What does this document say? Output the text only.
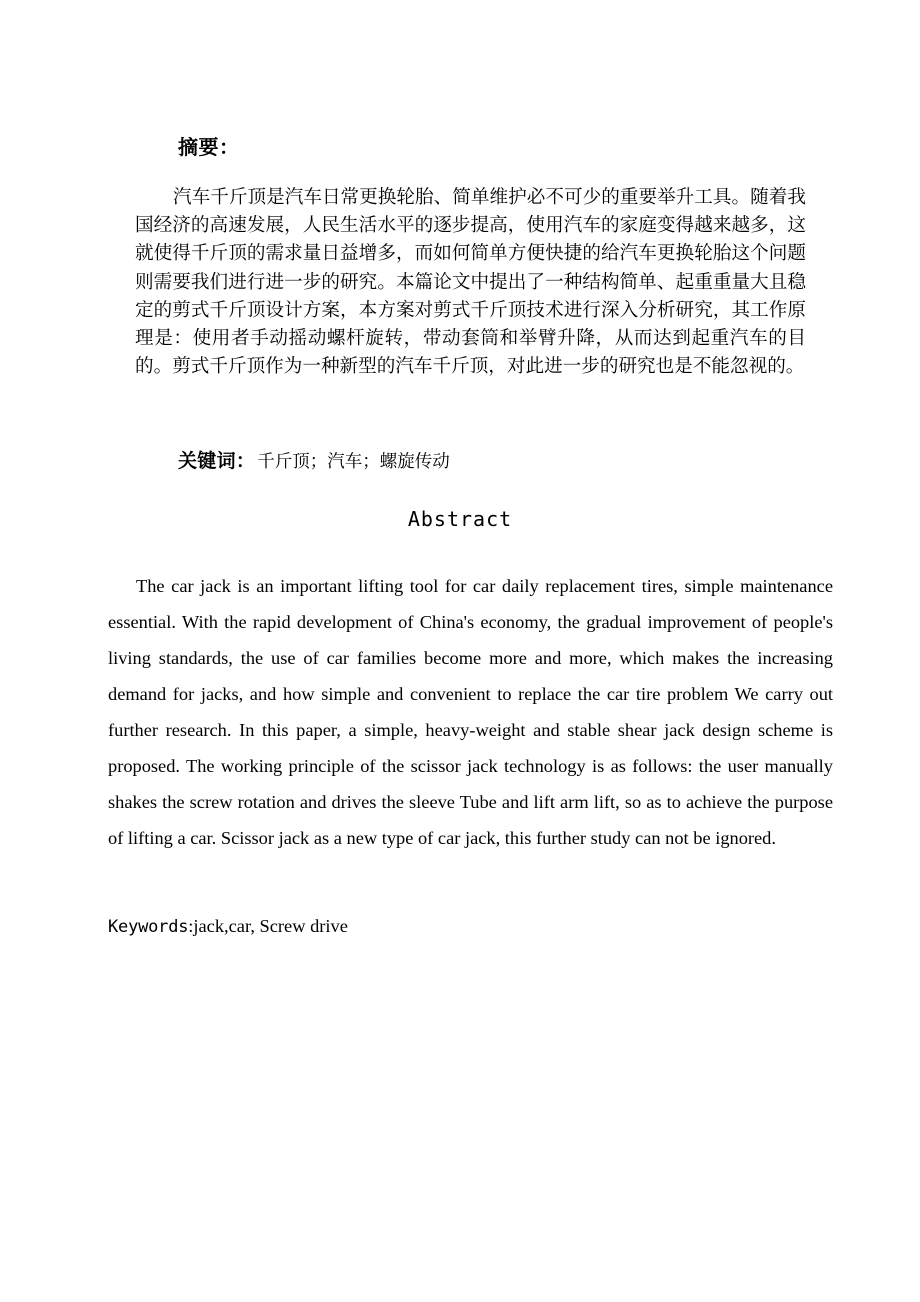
摘要：
汽车千斤顶是汽车日常更换轮胎、简单维护必不可少的重要举升工具。随着我国经济的高速发展，人民生活水平的逐步提高，使用汽车的家庭变得越来越多，这就使得千斤顶的需求量日益增多，而如何简单方便快捷的给汽车更换轮胎这个问题则需要我们进行进一步的研究。本篇论文中提出了一种结构简单、起重重量大且稳定的剪式千斤顶设计方案，本方案对剪式千斤顶技术进行深入分析研究，其工作原理是：使用者手动摇动螺杆旋转，带动套筒和举臂升降，从而达到起重汽车的目的。剪式千斤顶作为一种新型的汽车千斤顶，对此进一步的研究也是不能忽视的。
关键词： 千斤顶；汽车；螺旋传动
Abstract
The car jack is an important lifting tool for car daily replacement tires, simple maintenance essential. With the rapid development of China's economy, the gradual improvement of people's living standards, the use of car families become more and more, which makes the increasing demand for jacks, and how simple and convenient to replace the car tire problem We carry out further research. In this paper, a simple, heavy-weight and stable shear jack design scheme is proposed. The working principle of the scissor jack technology is as follows: the user manually shakes the screw rotation and drives the sleeve Tube and lift arm lift, so as to achieve the purpose of lifting a car. Scissor jack as a new type of car jack, this further study can not be ignored.
Keywords:jack,car, Screw drive
